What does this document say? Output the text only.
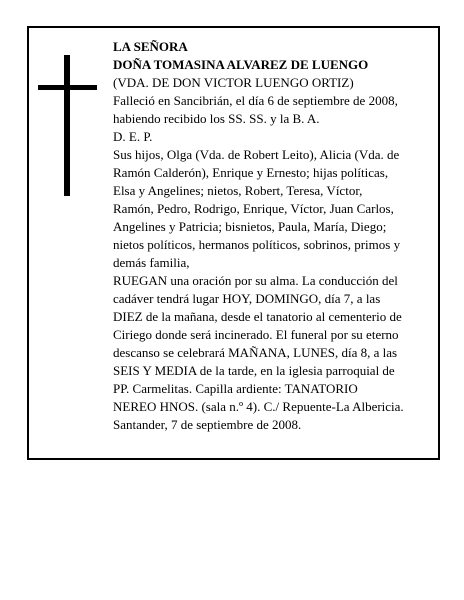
LA SEÑORA
DOÑA TOMASINA ALVAREZ DE LUENGO
(VDA. DE DON VICTOR LUENGO ORTIZ)
Falleció en Sancibrián, el día 6 de septiembre de 2008,
habiendo recibido los SS. SS. y la B. A.
D. E. P.
Sus hijos, Olga (Vda. de Robert Leito), Alicia (Vda. de
Ramón Calderón), Enrique y Ernesto; hijas políticas,
Elsa y Angelines; nietos, Robert, Teresa, Víctor,
Ramón, Pedro, Rodrigo, Enrique, Víctor, Juan Carlos,
Angelines y Patricia; bisnietos, Paula, María, Diego;
nietos políticos, hermanos políticos, sobrinos, primos y
demás familia,
RUEGAN una oración por su alma. La conducción del
cadáver tendrá lugar HOY, DOMINGO, día 7, a las
DIEZ de la mañana, desde el tanatorio al cementerio de
Ciriego donde será incinerado. El funeral por su eterno
descanso se celebrará MAÑANA, LUNES, día 8, a las
SEIS Y MEDIA de la tarde, en la iglesia parroquial de
PP. Carmelitas. Capilla ardiente: TANATORIO
NEREO HNOS. (sala n.º 4). C./ Repuente-La Albericia.
Santander, 7 de septiembre de 2008.
